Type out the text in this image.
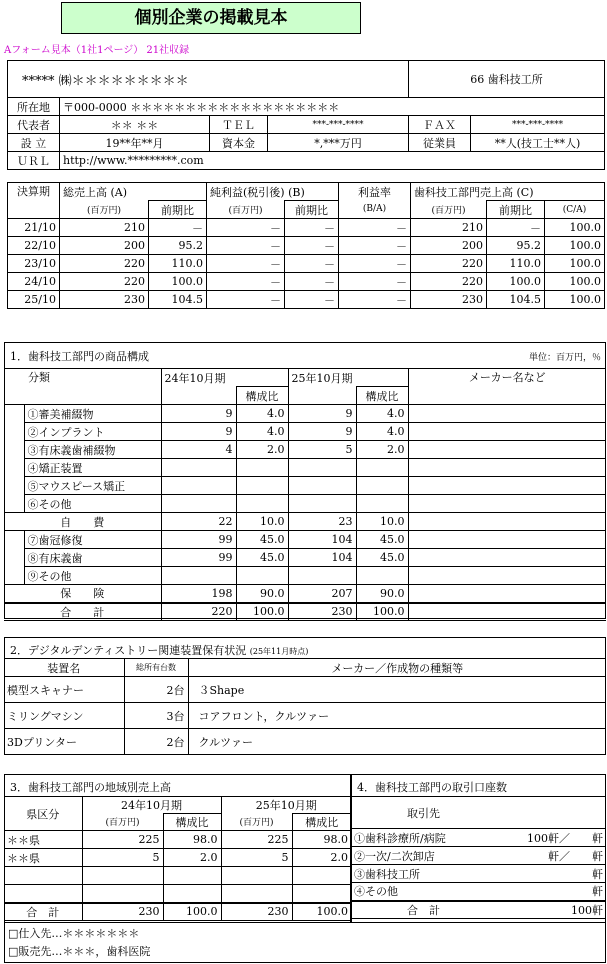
個別企業の掲載見本
Aフォーム見本（1社1ページ） 21社収録
***** ㈱＊＊＊＊＊＊＊＊＊				66 歯科技工所	
所在地	〒000-0000 ＊＊＊＊＊＊＊＊＊＊＊＊＊＊＊＊＊＊＊				
代表者	＊＊ ＊＊	ＴＥＬ	***-***-****	ＦＡＸ	***-***-****
設 立	19**年**月	資本金	*,***万円	従業員	**人(技工士**人)
ＵＲＬ	http://www.*********.com				
決算期	総売上高 (A)		純利益(税引後) (B)		利益率	歯科技工部門売上高 (C)		
	(百万円)	前期比	(百万円)	前期比	(B/A)	(百万円)	前期比	(C/A)
21/10	210	－	－	－	－	210	－	100.0
22/10	200	95.2	－	－	－	200	95.2	100.0
23/10	220	110.0	－	－	－	220	110.0	100.0
24/10	220	100.0	－	－	－	220	100.0	100.0
25/10	230	104.5	－	－	－	230	104.5	100.0
1．歯科技工部門の商品構成	単位：百万円，％
分類		24年10月期		25年10月期		メーカー名など
			構成比		構成比	
	①審美補綴物	9	4.0	9	4.0	
	②インプラント	9	4.0	9	4.0	
	③有床義歯補綴物	4	2.0	5	2.0	
	④矯正装置					
	⑤マウスピース矯正					
	⑥その他					
自　　費		22	10.0	23	10.0	
	⑦歯冠修復	99	45.0	104	45.0	
	⑧有床義歯	99	45.0	104	45.0	
	⑨その他					
保　　険		198	90.0	207	90.0	
合　　計		220	100.0	230	100.0	
2．デジタルデンティストリー関連装置保有状況 (25年11月時点)
装置名	総所有台数	メーカー／作成物の種類等
模型スキャナー	2台	３Shape
ミリングマシン	3台	コアフロント，クルツァー
3Dプリンター	2台	クルツァー
3．歯科技工部門の地域別売上高
県区分	24年10月期		25年10月期	
	(百万円)	構成比	(百万円)	構成比
＊＊県	225	98.0	225	98.0
＊＊県	5	2.0	5	2.0

合　計	230	100.0	230	100.0
4．歯科技工部門の取引口座数
取引先	
①歯科診療所/病院	100軒／　　軒
②一次/二次卸店	軒／　　軒
③歯科技工所	軒
④その他	軒
合　計	100軒
□仕入先…＊＊＊＊＊＊＊
□販売先…＊＊＊，歯科医院
